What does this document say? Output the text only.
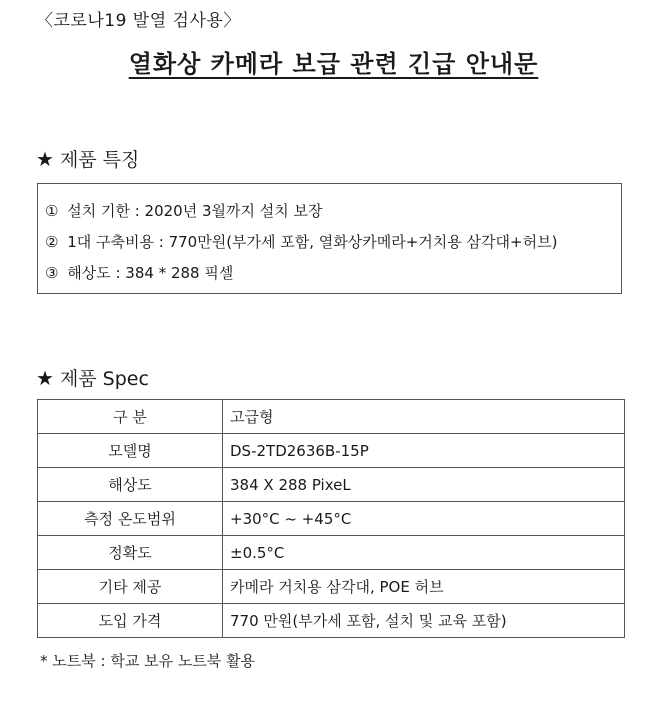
〈코로나19 발열 검사용〉
열화상 카메라 보급 관련 긴급 안내문
★ 제품 특징
① 설치 기한 : 2020년 3월까지 설치 보장
② 1대 구축비용 : 770만원(부가세 포함, 열화상카메라+거치용 삼각대+허브)
③ 해상도 : 384 * 288 픽셀
★ 제품 Spec
구 분	고급형
모델명	DS-2TD2636B-15P
해상도	384 X 288 PixeL
측정 온도범위	+30°C ~ +45°C
정확도	±0.5°C
기타 제공	카메라 거치용 삼각대, POE 허브
도입 가격	770 만원(부가세 포함, 설치 및 교육 포함)
* 노트북 : 학교 보유 노트북 활용
